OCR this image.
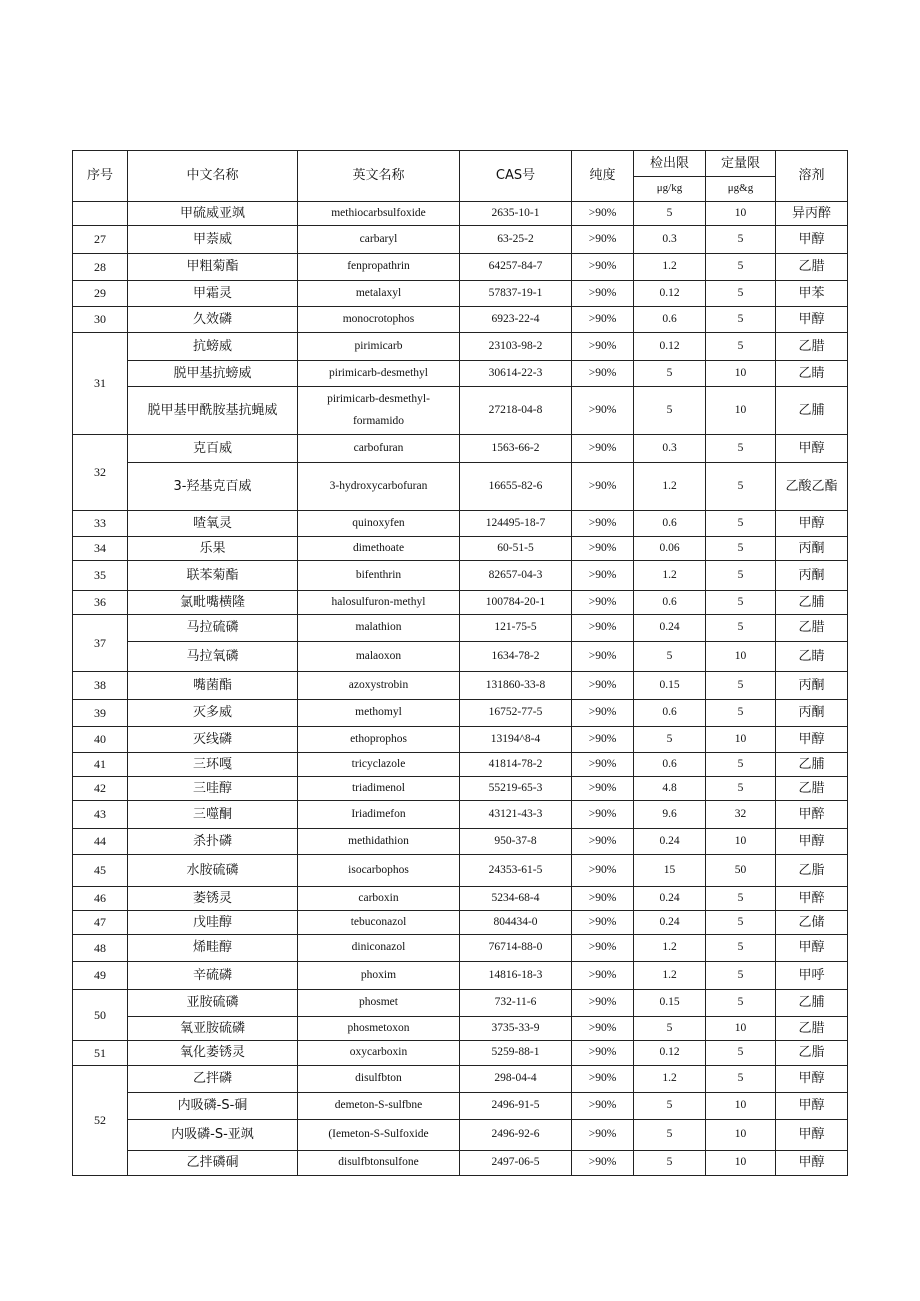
序号	中文名称	英文名称	CAS号	纯度	检出限	定量限	溶剂
					μg/kg	μg&g	
	甲硫威亚飒	methiocarbsulfoxide	2635-10-1	>90%	5	10	异丙醉
27	甲萘威	carbaryl	63-25-2	>90%	0.3	5	甲醇
28	甲粗菊酯	fenpropathrin	64257-84-7	>90%	1.2	5	乙腊
29	甲霜灵	metalaxyl	57837-19-1	>90%	0.12	5	甲苯
30	久效磷	monocrotophos	6923-22-4	>90%	0.6	5	甲醇
31	抗螃威	pirimicarb	23103-98-2	>90%	0.12	5	乙腊
	脱甲基抗螃威	pirimicarb-desmethyl	30614-22-3	>90%	5	10	乙睛
	脱甲基甲酰胺基抗蝇威	pirimicarb-desmethyl-
formamido	27218-04-8	>90%	5	10	乙脯
32	克百威	carbofuran	1563-66-2	>90%	0.3	5	甲醇
	3-羟基克百威	3-hydroxycarbofuran	16655-82-6	>90%	1.2	5	乙酸乙酯
33	喳氧灵	quinoxyfen	124495-18-7	>90%	0.6	5	甲醇
34	乐果	dimethoate	60-51-5	>90%	0.06	5	丙酮
35	联苯菊酯	bifenthrin	82657-04-3	>90%	1.2	5	丙酮
36	氯毗嘴横隆	halosulfuron-methyl	100784-20-1	>90%	0.6	5	乙脯
37	马拉硫磷	malathion	121-75-5	>90%	0.24	5	乙腊
	马拉氧磷	malaoxon	1634-78-2	>90%	5	10	乙睛
38	嘴菌酯	azoxystrobin	131860-33-8	>90%	0.15	5	丙酮
39	灭多威	methomyl	16752-77-5	>90%	0.6	5	丙酮
40	灭线磷	ethoprophos	13194^8-4	>90%	5	10	甲醇
41	三环嘎	tricyclazole	41814-78-2	>90%	0.6	5	乙脯
42	三哇醇	triadimenol	55219-65-3	>90%	4.8	5	乙腊
43	三噬酮	Iriadimefon	43121-43-3	>90%	9.6	32	甲醉
44	杀扑磷	methidathion	950-37-8	>90%	0.24	10	甲醇
45	水胺硫磷	isocarbophos	24353-61-5	>90%	15	50	乙脂
46	萎锈灵	carboxin	5234-68-4	>90%	0.24	5	甲醉
47	戊哇醇	tebuconazol	804434-0	>90%	0.24	5	乙储
48	烯畦醇	diniconazol	76714-88-0	>90%	1.2	5	甲醇
49	辛硫磷	phoxim	14816-18-3	>90%	1.2	5	甲呼
50	亚胺硫磷	phosmet	732-11-6	>90%	0.15	5	乙脯
	氧亚胺硫磷	phosmetoxon	3735-33-9	>90%	5	10	乙腊
51	氧化萎锈灵	oxycarboxin	5259-88-1	>90%	0.12	5	乙脂
52	乙拌磷	disulfbton	298-04-4	>90%	1.2	5	甲醇
	内吸磷-S-硐	demeton-S-sulfbne	2496-91-5	>90%	5	10	甲醇
	内吸磷-S-亚飒	(Iemeton-S-Sulfoxide	2496-92-6	>90%	5	10	甲醇
	乙拌磷硐	disulfbtonsulfone	2497-06-5	>90%	5	10	甲醇
